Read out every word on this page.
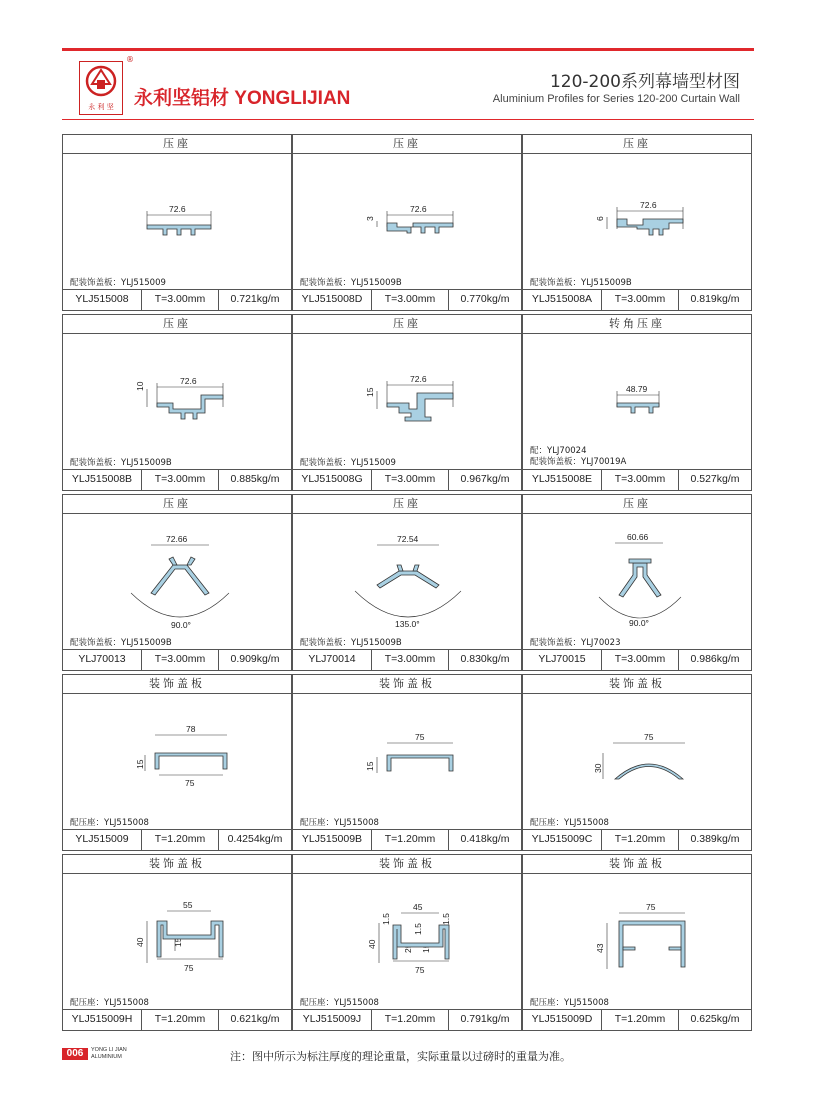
永 利 坚
®
永利坚铝材 YONGLIJIAN
120-200系列幕墙型材图
Aluminium Profiles for Series 120-200 Curtain Wall
压座
72.6
配装饰盖板：YLJ515009
YLJ515008	T=3.00mm	0.721kg/m
压座
72.6
3
配装饰盖板：YLJ515009B
YLJ515008D	T=3.00mm	0.770kg/m
压座
72.6
6
配装饰盖板：YLJ515009B
YLJ515008A	T=3.00mm	0.819kg/m
压座
72.6
10
配装饰盖板：YLJ515009B
YLJ515008B	T=3.00mm	0.885kg/m
压座
72.6
15
配装饰盖板：YLJ515009
YLJ515008G	T=3.00mm	0.967kg/m
转角压座
48.79
配：YLJ70024
配装饰盖板：YLJ70019A
YLJ515008E	T=3.00mm	0.527kg/m
压座
72.66
90.0°
配装饰盖板：YLJ515009B
YLJ70013	T=3.00mm	0.909kg/m
压座
72.54
135.0°
配装饰盖板：YLJ515009B
YLJ70014	T=3.00mm	0.830kg/m
压座
60.66
90.0°
配装饰盖板：YLJ70023
YLJ70015	T=3.00mm	0.986kg/m
装饰盖板
78
75
15
配压座：YLJ515008
YLJ515009	T=1.20mm	0.4254kg/m
装饰盖板
75
15
配压座：YLJ515008
YLJ515009B	T=1.20mm	0.418kg/m
装饰盖板
75
30
配压座：YLJ515008
YLJ515009C	T=1.20mm	0.389kg/m
装饰盖板
55
40	15
75
配压座：YLJ515008
YLJ515009H	T=1.20mm	0.621kg/m
装饰盖板
45
1.5	1.5
40	25
1.5
15
75
配压座：YLJ515008
YLJ515009J	T=1.20mm	0.791kg/m
装饰盖板
75
43
配压座：YLJ515008
YLJ515009D	T=1.20mm	0.625kg/m
006	YONG LI JIAN
ALUMINIUM	注：图中所示为标注厚度的理论重量，实际重量以过磅时的重量为准。
